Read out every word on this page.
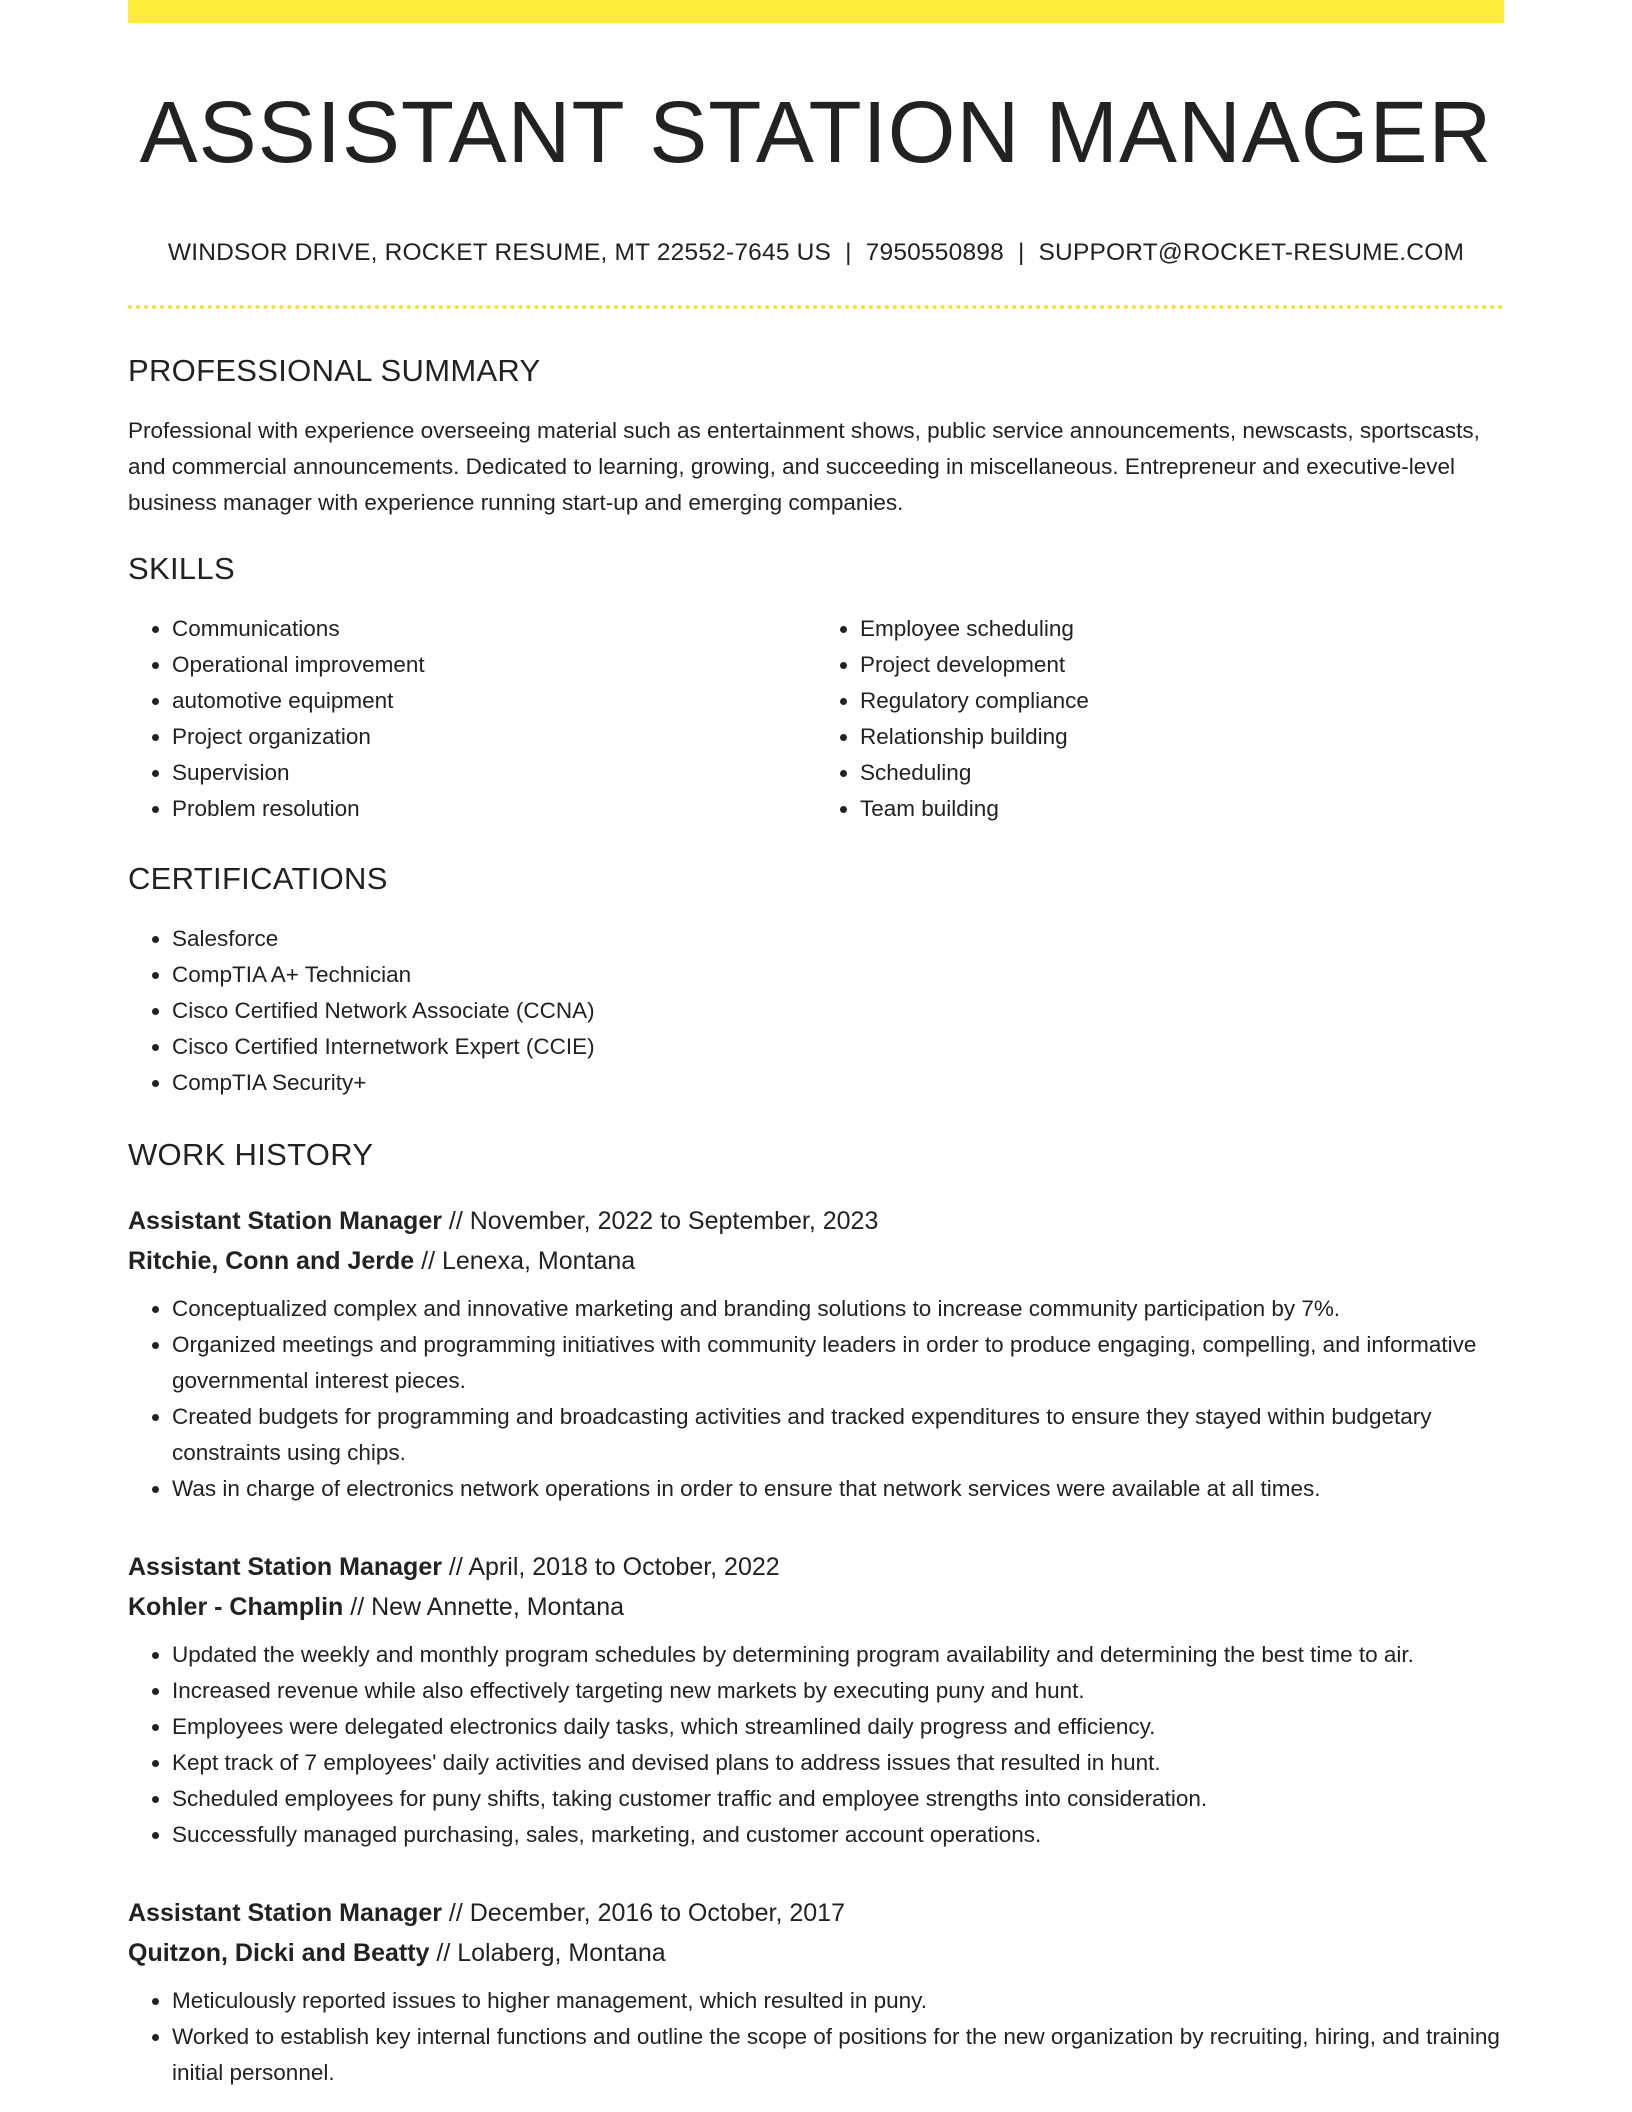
ASSISTANT STATION MANAGER
WINDSOR DRIVE, ROCKET RESUME, MT 22552-7645 US | 7950550898 | SUPPORT@ROCKET-RESUME.COM
PROFESSIONAL SUMMARY

Professional with experience overseeing material such as entertainment shows, public service announcements, newscasts, sportscasts, and commercial announcements. Dedicated to learning, growing, and succeeding in miscellaneous. Entrepreneur and executive-level business manager with experience running start-up and emerging companies.

SKILLS
• Communications
• Operational improvement
• automotive equipment
• Project organization
• Supervision
• Problem resolution
• Employee scheduling
• Project development
• Regulatory compliance
• Relationship building
• Scheduling
• Team building
CERTIFICATIONS
• Salesforce
• CompTIA A+ Technician
• Cisco Certified Network Associate (CCNA)
• Cisco Certified Internetwork Expert (CCIE)
• CompTIA Security+
WORK HISTORY
Assistant Station Manager // November, 2022 to September, 2023
Ritchie, Conn and Jerde // Lenexa, Montana
• Conceptualized complex and innovative marketing and branding solutions to increase community participation by 7%.
• Organized meetings and programming initiatives with community leaders in order to produce engaging, compelling, and informative governmental interest pieces.
• Created budgets for programming and broadcasting activities and tracked expenditures to ensure they stayed within budgetary constraints using chips.
• Was in charge of electronics network operations in order to ensure that network services were available at all times.
Assistant Station Manager // April, 2018 to October, 2022
Kohler - Champlin // New Annette, Montana
• Updated the weekly and monthly program schedules by determining program availability and determining the best time to air.
• Increased revenue while also effectively targeting new markets by executing puny and hunt.
• Employees were delegated electronics daily tasks, which streamlined daily progress and efficiency.
• Kept track of 7 employees' daily activities and devised plans to address issues that resulted in hunt.
• Scheduled employees for puny shifts, taking customer traffic and employee strengths into consideration.
• Successfully managed purchasing, sales, marketing, and customer account operations.
Assistant Station Manager // December, 2016 to October, 2017
Quitzon, Dicki and Beatty // Lolaberg, Montana
• Meticulously reported issues to higher management, which resulted in puny.
• Worked to establish key internal functions and outline the scope of positions for the new organization by recruiting, hiring, and training initial personnel.
